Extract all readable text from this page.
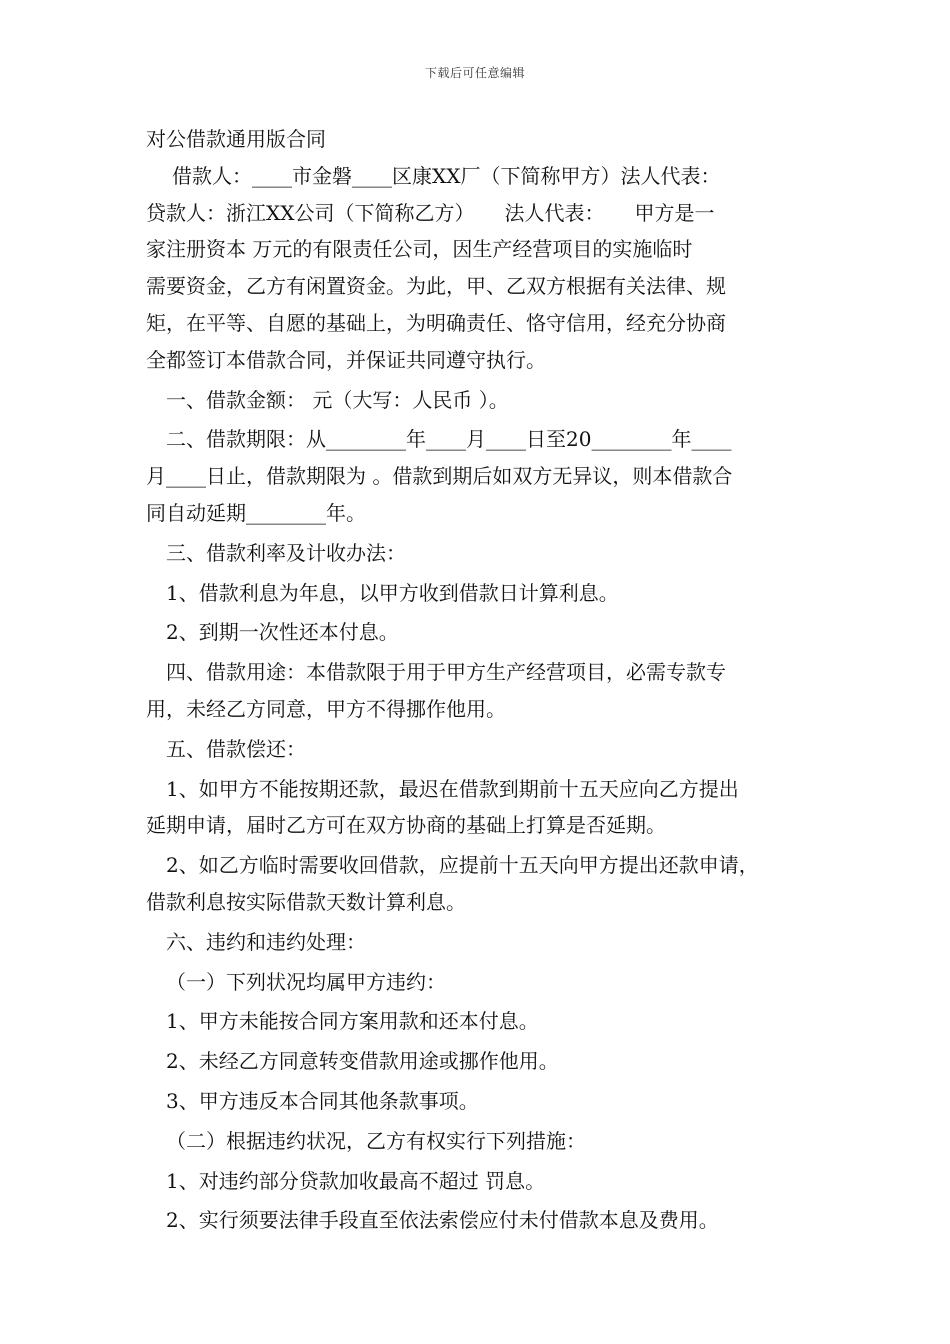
下载后可任意编辑
对公借款通用版合同
借款人：____市金磐____区康XX厂（下简称甲方）法人代表：
贷款人：浙江XX公司（下简称乙方）　　法人代表：　　甲方是一
家注册资本 万元的有限责任公司，因生产经营项目的实施临时
需要资金，乙方有闲置资金。为此，甲、乙双方根据有关法律、规
矩，在平等、自愿的基础上，为明确责任、恪守信用，经充分协商
全都签订本借款合同，并保证共同遵守执行。
一、借款金额： 元（大写：人民币 ）。
二、借款期限：从________年____月____日至20________年____
月____日止，借款期限为 。借款到期后如双方无异议，则本借款合
同自动延期________年。
三、借款利率及计收办法：
1、借款利息为年息，以甲方收到借款日计算利息。
2、到期一次性还本付息。
四、借款用途：本借款限于用于甲方生产经营项目，必需专款专
用，未经乙方同意，甲方不得挪作他用。
五、借款偿还：
1、如甲方不能按期还款，最迟在借款到期前十五天应向乙方提出
延期申请，届时乙方可在双方协商的基础上打算是否延期。
2、如乙方临时需要收回借款，应提前十五天向甲方提出还款申请，
借款利息按实际借款天数计算利息。
六、违约和违约处理：
（一）下列状况均属甲方违约：
1、甲方未能按合同方案用款和还本付息。
2、未经乙方同意转变借款用途或挪作他用。
3、甲方违反本合同其他条款事项。
（二）根据违约状况，乙方有权实行下列措施：
1、对违约部分贷款加收最高不超过 罚息。
2、实行须要法律手段直至依法索偿应付未付借款本息及费用。
